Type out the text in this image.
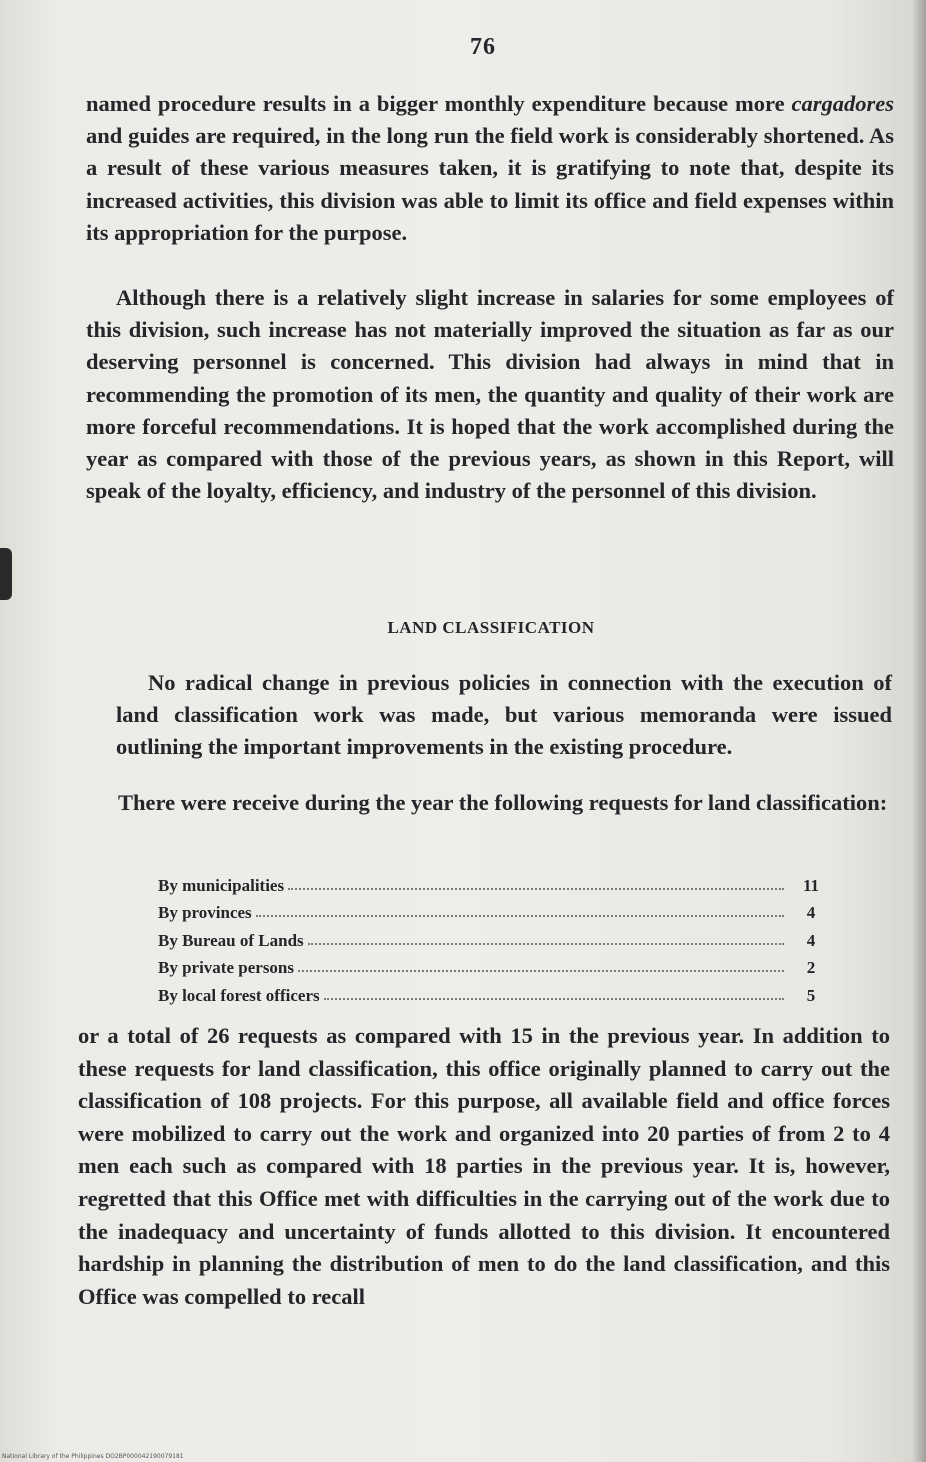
76

named procedure results in a bigger monthly expenditure because more cargadores and guides are required, in the long run the field work is considerably shortened. As a result of these various measures taken, it is gratifying to note that, despite its increased activities, this division was able to limit its office and field expenses within its appropriation for the purpose.

Although there is a relatively slight increase in salaries for some employees of this division, such increase has not materially improved the situation as far as our deserving personnel is concerned. This division had always in mind that in recommending the promotion of its men, the quantity and quality of their work are more forceful recommendations. It is hoped that the work accomplished during the year as compared with those of the previous years, as shown in this Report, will speak of the loyalty, efficiency, and industry of the personnel of this division.

LAND CLASSIFICATION

No radical change in previous policies in connection with the execution of land classification work was made, but various memoranda were issued outlining the important improvements in the existing procedure.

There were receive during the year the following requests for land classification:

By municipalities	11
By provinces	4
By Bureau of Lands	4
By private persons	2
By local forest officers	5

or a total of 26 requests as compared with 15 in the previous year. In addition to these requests for land classification, this office originally planned to carry out the classification of 108 projects. For this purpose, all available field and office forces were mobilized to carry out the work and organized into 20 parties of from 2 to 4 men each such as compared with 18 parties in the previous year. It is, however, regretted that this Office met with difficulties in the carrying out of the work due to the inadequacy and uncertainty of funds allotted to this division. It encountered hardship in planning the distribution of men to do the land classification, and this Office was compelled to recall

National Library of the Philippines DO2BP000042190079181
